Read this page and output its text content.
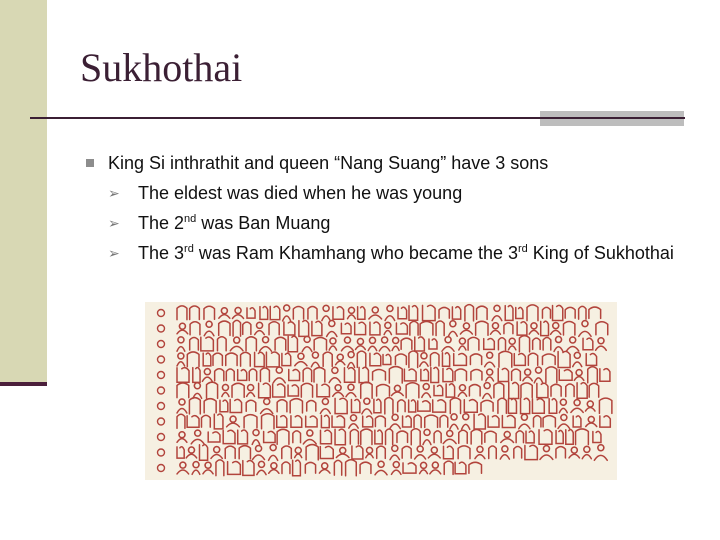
Sukhothai
King Si inthrathit and queen “Nang Suang” have 3 sons
➢ The eldest was died when he was young
➢ The 2nd was Ban Muang
➢ The 3rd was Ram Khamhang who became the 3rd King of Sukhothai
